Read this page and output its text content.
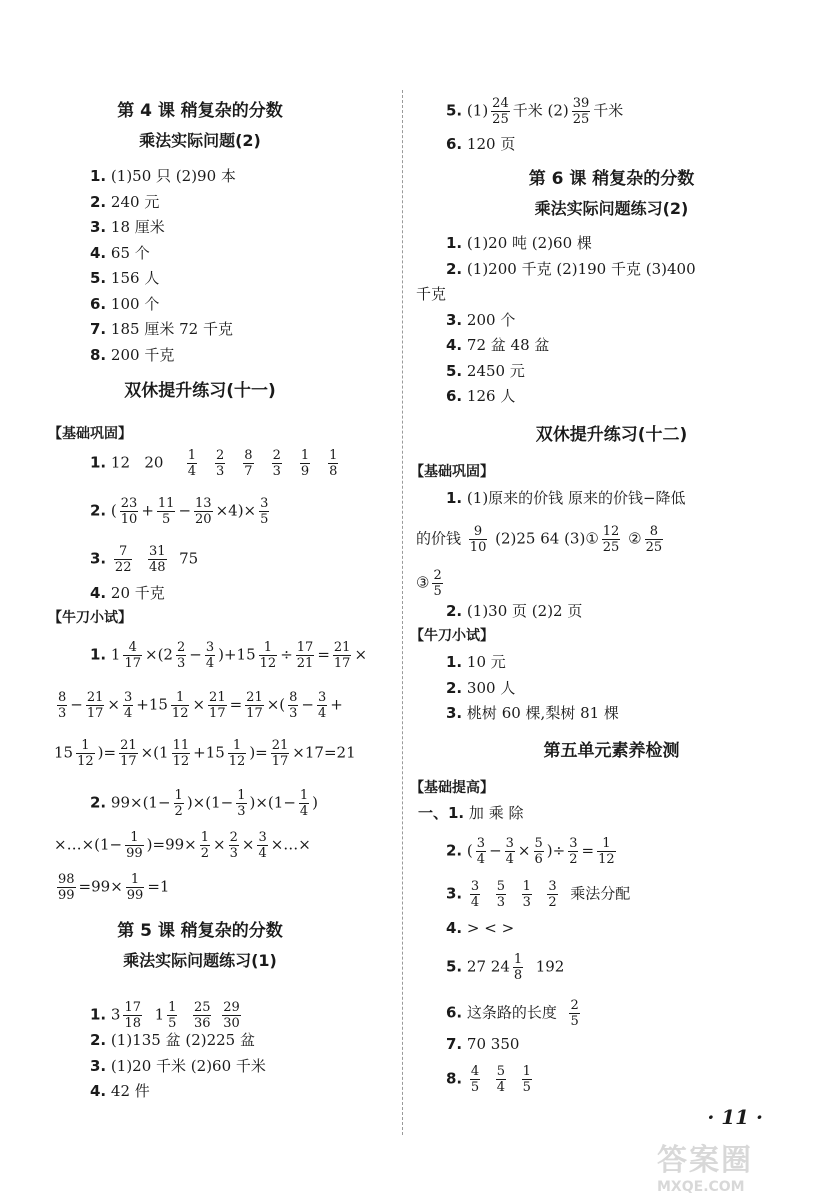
第 4 课 稍复杂的分数
乘法实际问题(2)
1. (1)50 只 (2)90 本
2. 240 元
3. 18 厘米
4. 65 个
5. 156 人
6. 100 个
7. 185 厘米 72 千克
8. 200 千克
双休提升练习(十一)
【基础巩固】
1. 12 $20 \frac{1}{4} \frac{2}{3} \frac{8}{7} \frac{2}{3} \frac{1}{9} \frac{1}{8}$
2. ( $\frac{23}{10} + \frac{11}{5} - \frac{13}{20} \times 4)\times \frac{3}{5}$
3. $\frac{7}{22}$
$\frac{31}{48} 75$
4. 20 千克
【牛刀小试】
1. $1 \frac{4}{17} \times(2 \frac{2}{3} - \frac{3}{4} )+15 \frac{1}{12} \div \frac{17}{21} = \frac{21}{17}$ ×
$\frac{8}{3} - \frac{21}{17} \times \frac{3}{4} +15 \frac{1}{12} \times \frac{21}{17} = \frac{21}{17}$ ×( $\frac{8}{3} - \frac{3}{4}$ +
$15 \frac{1}{12}$ )= $\frac{21}{17} \times(1 \frac{11}{12} +15 \frac{1}{12}$ )= $\frac{21}{17} \times 17=21$
2. $99\times(1- \frac{1}{2} )\times(1- \frac{1}{3} )\times(1- \frac{1}{4}$ )
×…×(1− $\frac{1}{99} )=99\times \frac{1}{2} \times \frac{2}{3} \times \frac{3}{4}$ ×…×
$\frac{98}{99} =99\times \frac{1}{99} =1$
第 5 课 稍复杂的分数
乘法实际问题练习(1)
1. $3 \frac{17}{18} 1 \frac{1}{5}$
$\frac{25}{36}$
$\frac{29}{30}$
2. (1)135 盆 (2)225 盆
3. (1)20 千米 (2)60 千米
4. 42 件
5. $(1) \frac{24}{25}$ 千米 $(2) \frac{39}{25}$ 千米
6. 120 页
第 6 课 稍复杂的分数
乘法实际问题练习(2)
1. (1)20 吨 (2)60 棵
2. (1)200 千克 (2)190 千克 (3)400
千克
3. 200 个
4. 72 盆 48 盆
5. 2450 元
6. 126 人
双休提升练习(十二)
【基础巩固】
1. (1)原来的价钱 原来的价钱−降低
的价钱 $\frac{9}{10} (2)25$ 64 (3)① $\frac{12}{25}$ ② $\frac{8}{25}$
③ $\frac{2}{5}$
2. (1)30 页 (2)2 页
【牛刀小试】
1. 10 元
2. 300 人
3. 桃树 60 棵,梨树 81 棵
第五单元素养检测
【基础提高】
一、1. 加 乘 除
2. ( $\frac{3}{4} - \frac{3}{4} \times \frac{5}{6}$ )÷ $\frac{3}{2} = \frac{1}{12}$
3. $\frac{3}{4}$
$\frac{5}{3}$
$\frac{1}{3}$
$\frac{3}{2}$ 乘法分配
4. > < >
5. 27 $24 \frac{1}{8} 192$
6. 这条路的长度 $\frac{2}{5}$
7. 70 350
8. $\frac{4}{5}$
$\frac{5}{4}$
$\frac{1}{5}$
· 11 ·
答案圈
MXQE.COM
